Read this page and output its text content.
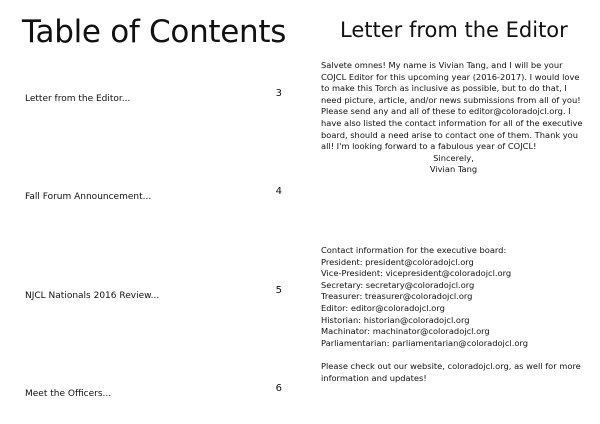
Table of Contents
Letter from the Editor...	3
Fall Forum Announcement...	4
NJCL Nationals 2016 Review...	5
Meet the Officers...	6
Letter from the Editor

Salvete omnes! My name is Vivian Tang, and I will be your COJCL Editor for this upcoming year (2016-2017). I would love to make this Torch as inclusive as possible, but to do that, I need picture, article, and/or news submissions from all of you! Please send any and all of these to editor@coloradojcl.org. I have also listed the contact information for all of the executive board, should a need arise to contact one of them. Thank you all! I'm looking forward to a fabulous year of COJCL!

Sincerely,

Vivian Tang

Contact information for the executive board:

President: president@coloradojcl.org

Vice-President: vicepresident@coloradojcl.org

Secretary: secretary@coloradojcl.org

Treasurer: treasurer@coloradojcl.org

Editor: editor@coloradojcl.org

Historian: historian@coloradojcl.org

Machinator: machinator@coloradojcl.org

Parliamentarian: parliamentarian@coloradojcl.org

Please check out our website, coloradojcl.org, as well for more information and updates!
